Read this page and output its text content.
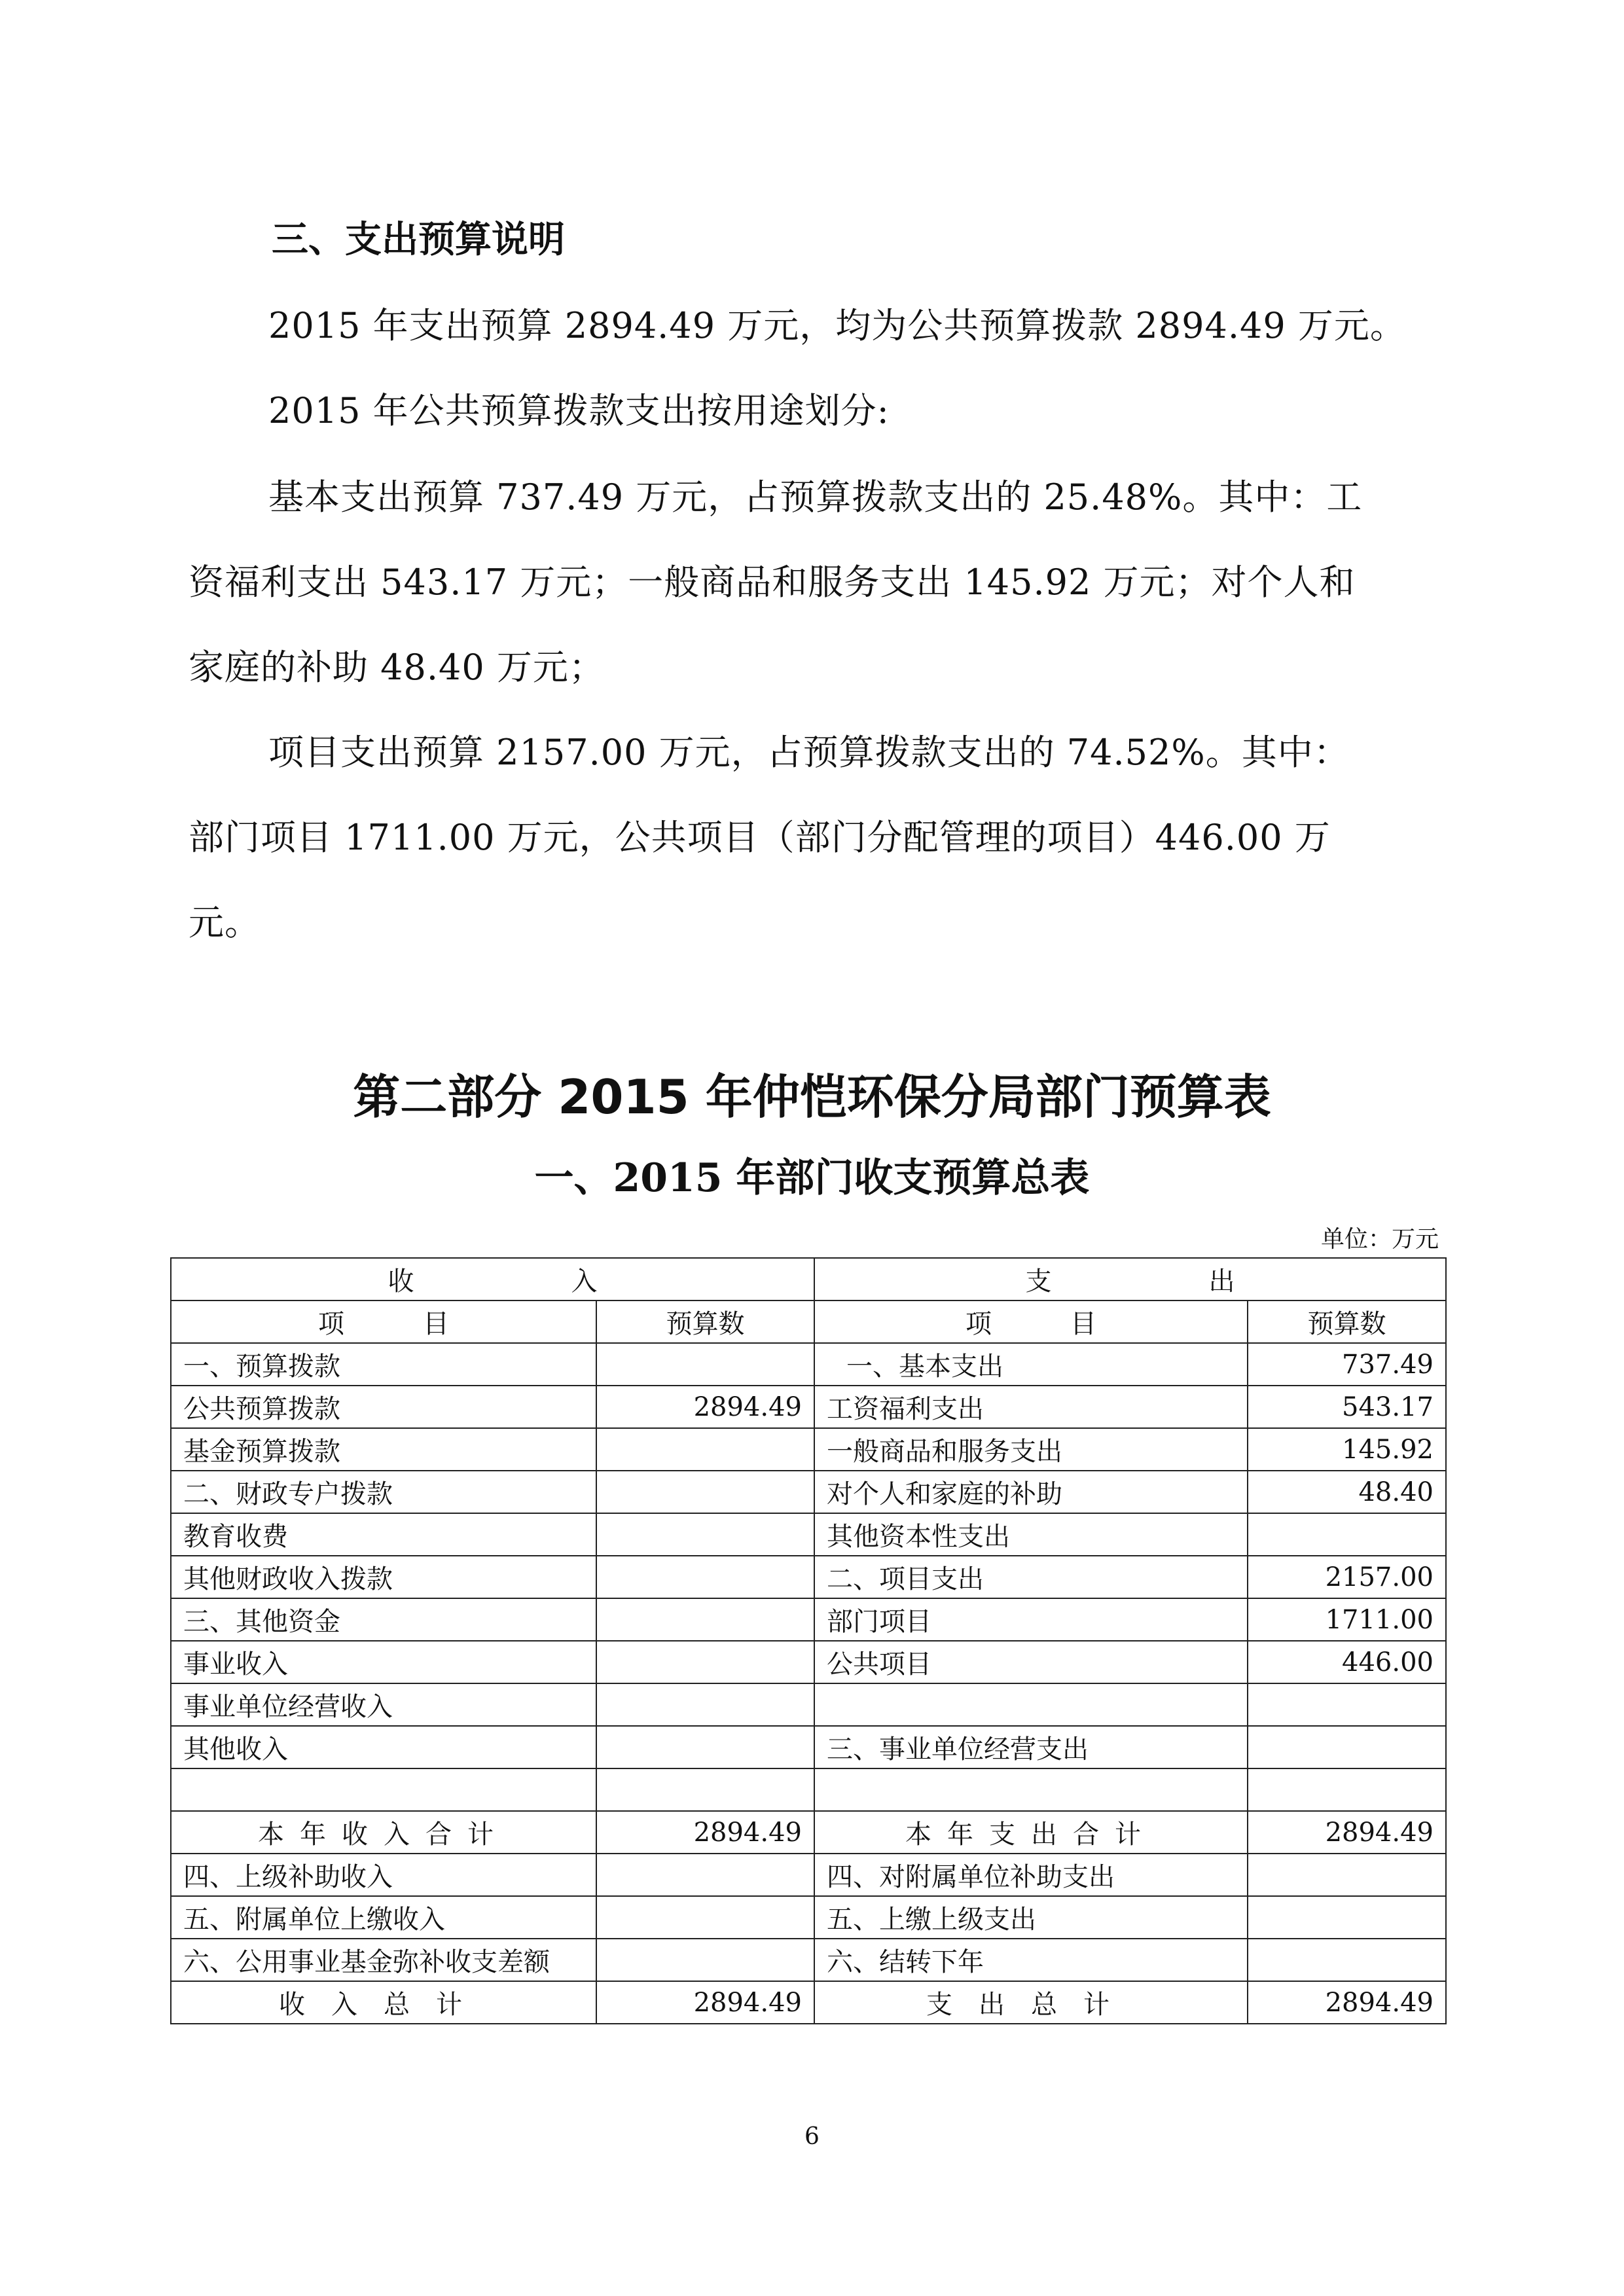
三、支出预算说明
2015 年支出预算 2894.49 万元，均为公共预算拨款 2894.49 万元。
2015 年公共预算拨款支出按用途划分:
基本支出预算 737.49 万元，占预算拨款支出的 25.48%。其中：工
资福利支出 543.17 万元；一般商品和服务支出 145.92 万元；对个人和
家庭的补助 48.40 万元；
项目支出预算 2157.00 万元，占预算拨款支出的 74.52%。其中：
部门项目 1711.00 万元，公共项目（部门分配管理的项目）446.00 万
元。
第二部分 2015 年仲恺环保分局部门预算表
一、2015 年部门收支预算总表
单位：万元
收　　　　　　入		支　　　　　　出	
项　　　目	预算数	项　　　目	预算数
一、预算拨款		一、基本支出	737.49
公共预算拨款	2894.49	工资福利支出	543.17
基金预算拨款		一般商品和服务支出	145.92
二、财政专户拨款		对个人和家庭的补助	48.40
教育收费		其他资本性支出	
其他财政收入拨款		二、项目支出	2157.00
三、其他资金		部门项目	1711.00
事业收入		公共项目	446.00
事业单位经营收入			
其他收入		三、事业单位经营支出	

本年收入合计	2894.49	本年支出合计	2894.49
四、上级补助收入		四、对附属单位补助支出	
五、附属单位上缴收入		五、上缴上级支出	
六、公用事业基金弥补收支差额		六、结转下年	
收入总计	2894.49	支出总计	2894.49
6
